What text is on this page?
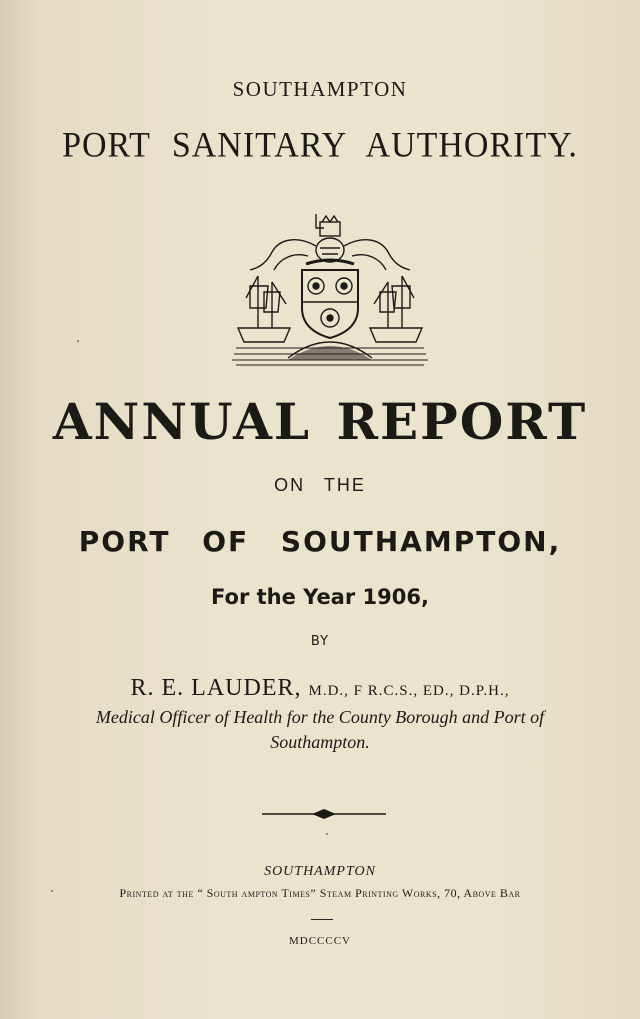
SOUTHAMPTON
PORT SANITARY AUTHORITY.
ANNUAL REPORT
ON THE
PORT OF SOUTHAMPTON,
For the Year 1906,
BY
R. E. LAUDER, M.D., F R.C.S., ED., D.P.H.,
Medical Officer of Health for the County Borough and Port of
Southampton.
SOUTHAMPTON
Printed at the “ South ampton Times” Steam Printing Works, 70, Above Bar
MDCCCCV
